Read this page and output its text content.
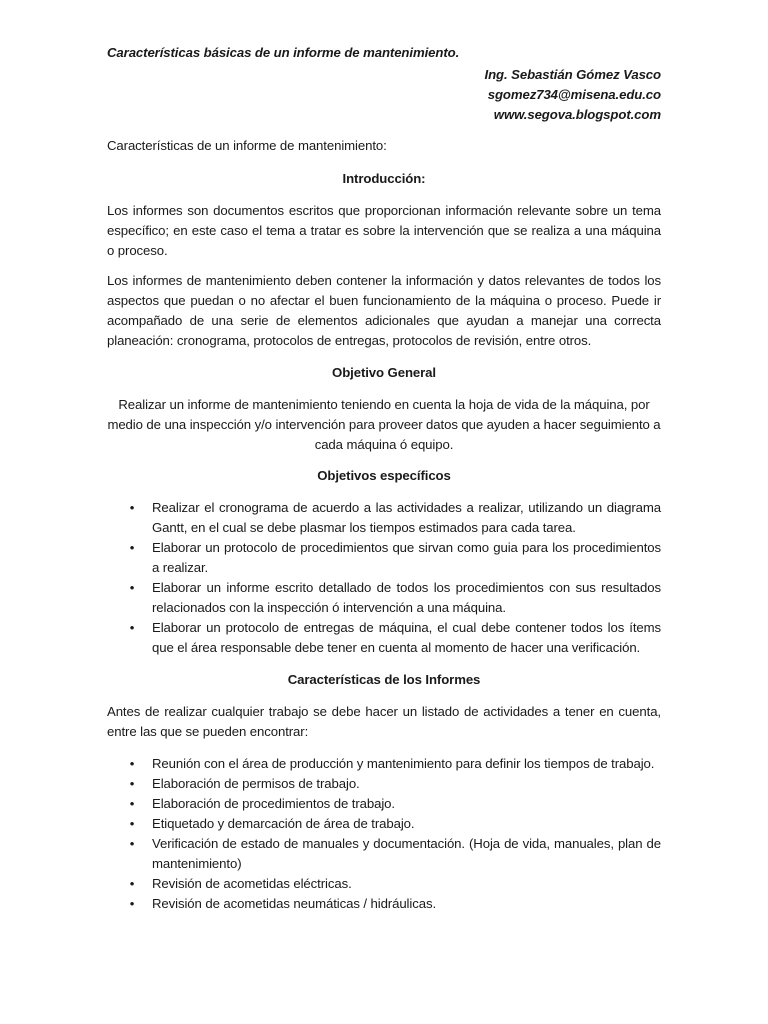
Características básicas de un informe de mantenimiento.

Ing. Sebastián Gómez Vasco
sgomez734@misena.edu.co
www.segova.blogspot.com

Características de un informe de mantenimiento:

Introducción:

Los informes son documentos escritos que proporcionan información relevante sobre un tema específico; en este caso el tema a tratar es sobre la intervención que se realiza a una máquina o proceso.

Los informes de mantenimiento deben contener la información y datos relevantes de todos los aspectos que puedan o no afectar el buen funcionamiento de la máquina o proceso. Puede ir acompañado de una serie de elementos adicionales que ayudan a manejar una correcta planeación: cronograma, protocolos de entregas, protocolos de revisión, entre otros.

Objetivo General

Realizar un informe de mantenimiento teniendo en cuenta la hoja de vida de la máquina, por medio de una inspección y/o intervención para proveer datos que ayuden a hacer seguimiento a cada máquina ó equipo.

Objetivos específicos

• Realizar el cronograma de acuerdo a las actividades a realizar, utilizando un diagrama Gantt, en el cual se debe plasmar los tiempos estimados para cada tarea.
• Elaborar un protocolo de procedimientos que sirvan como guia para los procedimientos a realizar.
• Elaborar un informe escrito detallado de todos los procedimientos con sus resultados relacionados con la inspección ó intervención a una máquina.
• Elaborar un protocolo de entregas de máquina, el cual debe contener todos los ítems que el área responsable debe tener en cuenta al momento de hacer una verificación.

Características de los Informes

Antes de realizar cualquier trabajo se debe hacer un listado de actividades a tener en cuenta, entre las que se pueden encontrar:

• Reunión con el área de producción y mantenimiento para definir los tiempos de trabajo.
• Elaboración de permisos de trabajo.
• Elaboración de procedimientos de trabajo.
• Etiquetado y demarcación de área de trabajo.
• Verificación de estado de manuales y documentación. (Hoja de vida, manuales, plan de mantenimiento)
• Revisión de acometidas eléctricas.
• Revisión de acometidas neumáticas / hidráulicas.
